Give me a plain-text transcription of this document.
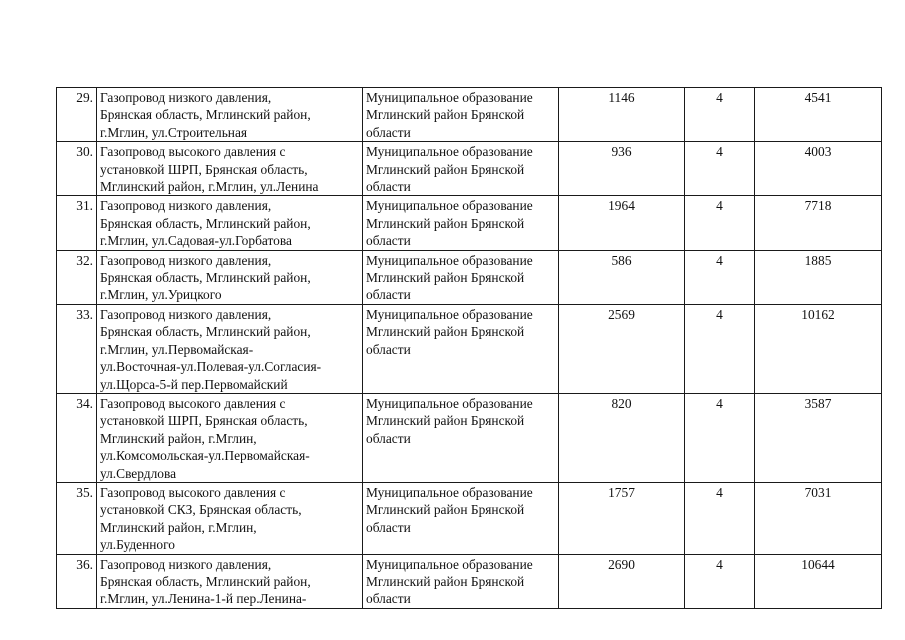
29.	Газопровод низкого давления,
Брянская область, Мглинский район,
г.Мглин, ул.Строительная	Муниципальное образование
Мглинский район Брянской
области	1146	4	4541
30.	Газопровод высокого давления с
установкой ШРП, Брянская область,
Мглинский район, г.Мглин, ул.Ленина	Муниципальное образование
Мглинский район Брянской
области	936	4	4003
31.	Газопровод низкого давления,
Брянская область, Мглинский район,
г.Мглин, ул.Садовая-ул.Горбатова	Муниципальное образование
Мглинский район Брянской
области	1964	4	7718
32.	Газопровод низкого давления,
Брянская область, Мглинский район,
г.Мглин, ул.Урицкого	Муниципальное образование
Мглинский район Брянской
области	586	4	1885
33.	Газопровод низкого давления,
Брянская область, Мглинский район,
г.Мглин, ул.Первомайская-
ул.Восточная-ул.Полевая-ул.Согласия-
ул.Щорса-5-й пер.Первомайский	Муниципальное образование
Мглинский район Брянской
области	2569	4	10162
34.	Газопровод высокого давления с
установкой ШРП, Брянская область,
Мглинский район, г.Мглин,
ул.Комсомольская-ул.Первомайская-
ул.Свердлова	Муниципальное образование
Мглинский район Брянской
области	820	4	3587
35.	Газопровод высокого давления с
установкой СКЗ, Брянская область,
Мглинский район, г.Мглин,
ул.Буденного	Муниципальное образование
Мглинский район Брянской
области	1757	4	7031
36.	Газопровод низкого давления,
Брянская область, Мглинский район,
г.Мглин, ул.Ленина-1-й пер.Ленина-	Муниципальное образование
Мглинский район Брянской
области	2690	4	10644
